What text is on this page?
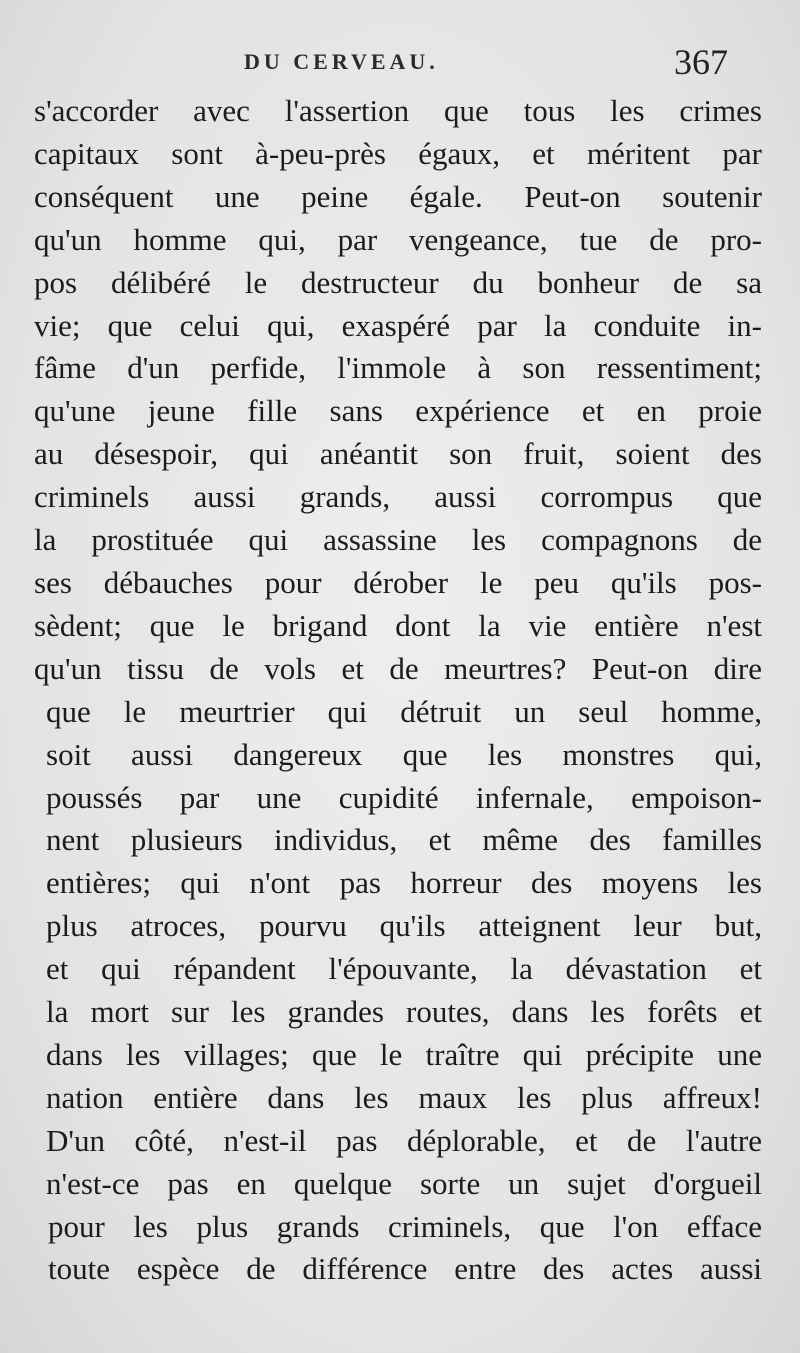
DU CERVEAU.	367
s'accorder avec l'assertion que tous les crimes
capitaux sont à-peu-près égaux, et méritent par
conséquent une peine égale. Peut-on soutenir
qu'un homme qui, par vengeance, tue de pro-
pos délibéré le destructeur du bonheur de sa
vie; que celui qui, exaspéré par la conduite in-
fâme d'un perfide, l'immole à son ressentiment;
qu'une jeune fille sans expérience et en proie
au désespoir, qui anéantit son fruit, soient des
criminels aussi grands, aussi corrompus que
la prostituée qui assassine les compagnons de
ses débauches pour dérober le peu qu'ils pos-
sèdent; que le brigand dont la vie entière n'est
qu'un tissu de vols et de meurtres? Peut-on dire
que le meurtrier qui détruit un seul homme,
soit aussi dangereux que les monstres qui,
poussés par une cupidité infernale, empoison-
nent plusieurs individus, et même des familles
entières; qui n'ont pas horreur des moyens les
plus atroces, pourvu qu'ils atteignent leur but,
et qui répandent l'épouvante, la dévastation et
la mort sur les grandes routes, dans les forêts et
dans les villages; que le traître qui précipite une
nation entière dans les maux les plus affreux!
D'un côté, n'est-il pas déplorable, et de l'autre
n'est-ce pas en quelque sorte un sujet d'orgueil
pour les plus grands criminels, que l'on efface
toute espèce de différence entre des actes aussi
